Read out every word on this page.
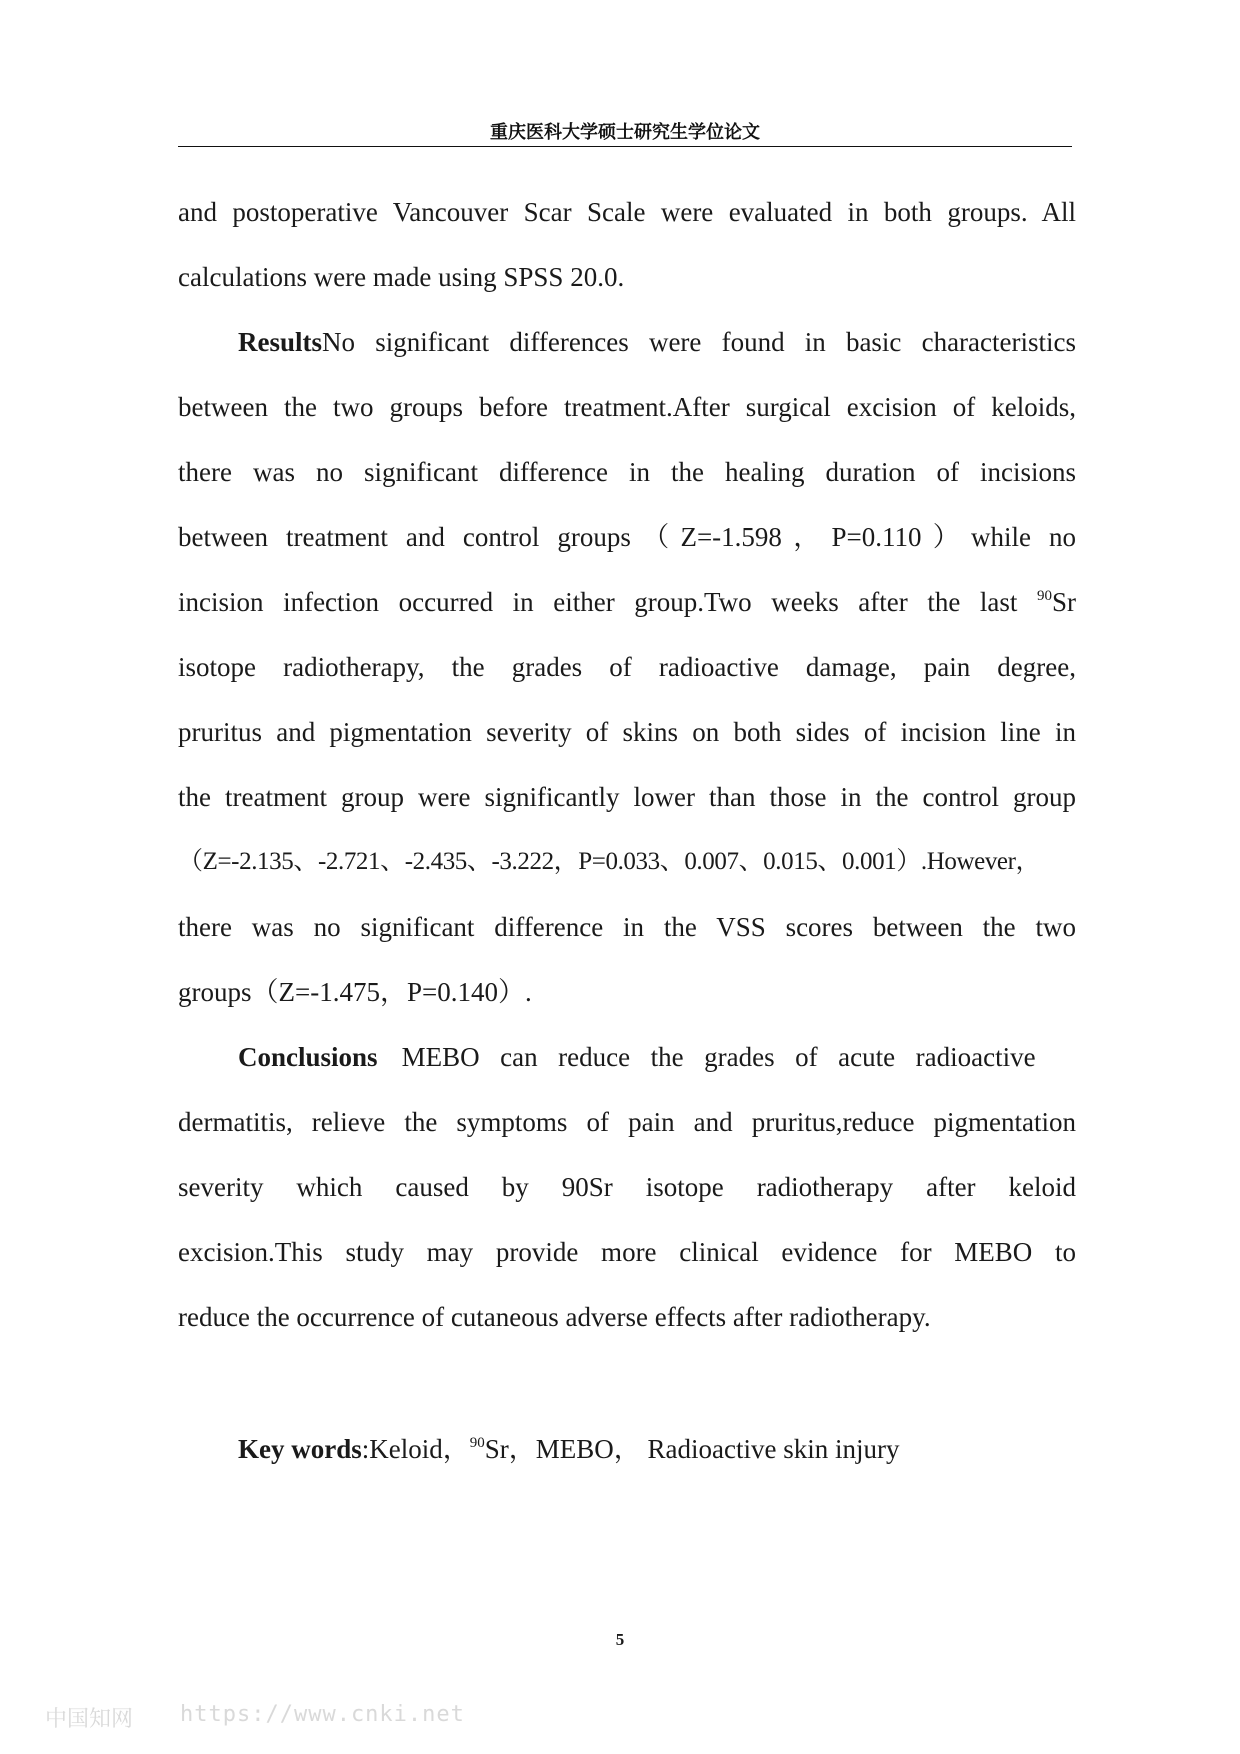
重庆医科大学硕士研究生学位论文
and postoperative Vancouver Scar Scale were evaluated in both groups. All
calculations were made using SPSS 20.0.
ResultsNo significant differences were found in basic characteristics
between the two groups before treatment.After surgical excision of keloids,
there was no significant difference in the healing duration of incisions
between treatment and control groups（Z=-1.598，P=0.110）while no
incision infection occurred in either group.Two weeks after the last $^{90}$Sr
isotope radiotherapy, the grades of radioactive damage, pain degree,
pruritus and pigmentation severity of skins on both sides of incision line in
the treatment group were significantly lower than those in the control group
（Z=-2.135、-2.721、-2.435、-3.222，P=0.033、0.007、0.015、0.001）.However，
there was no significant difference in the VSS scores between the two
groups（Z=-1.475，P=0.140）.
Conclusions MEBO can reduce the grades of acute radioactive
dermatitis, relieve the symptoms of pain and pruritus,reduce pigmentation
severity which caused by 90Sr isotope radiotherapy after keloid
excision.This study may provide more clinical evidence for MEBO to
reduce the occurrence of cutaneous adverse effects after radiotherapy.
Key words:Keloid，$^{90}$Sr，MEBO， Radioactive skin injury
5
中国知网 https://www.cnki.net
